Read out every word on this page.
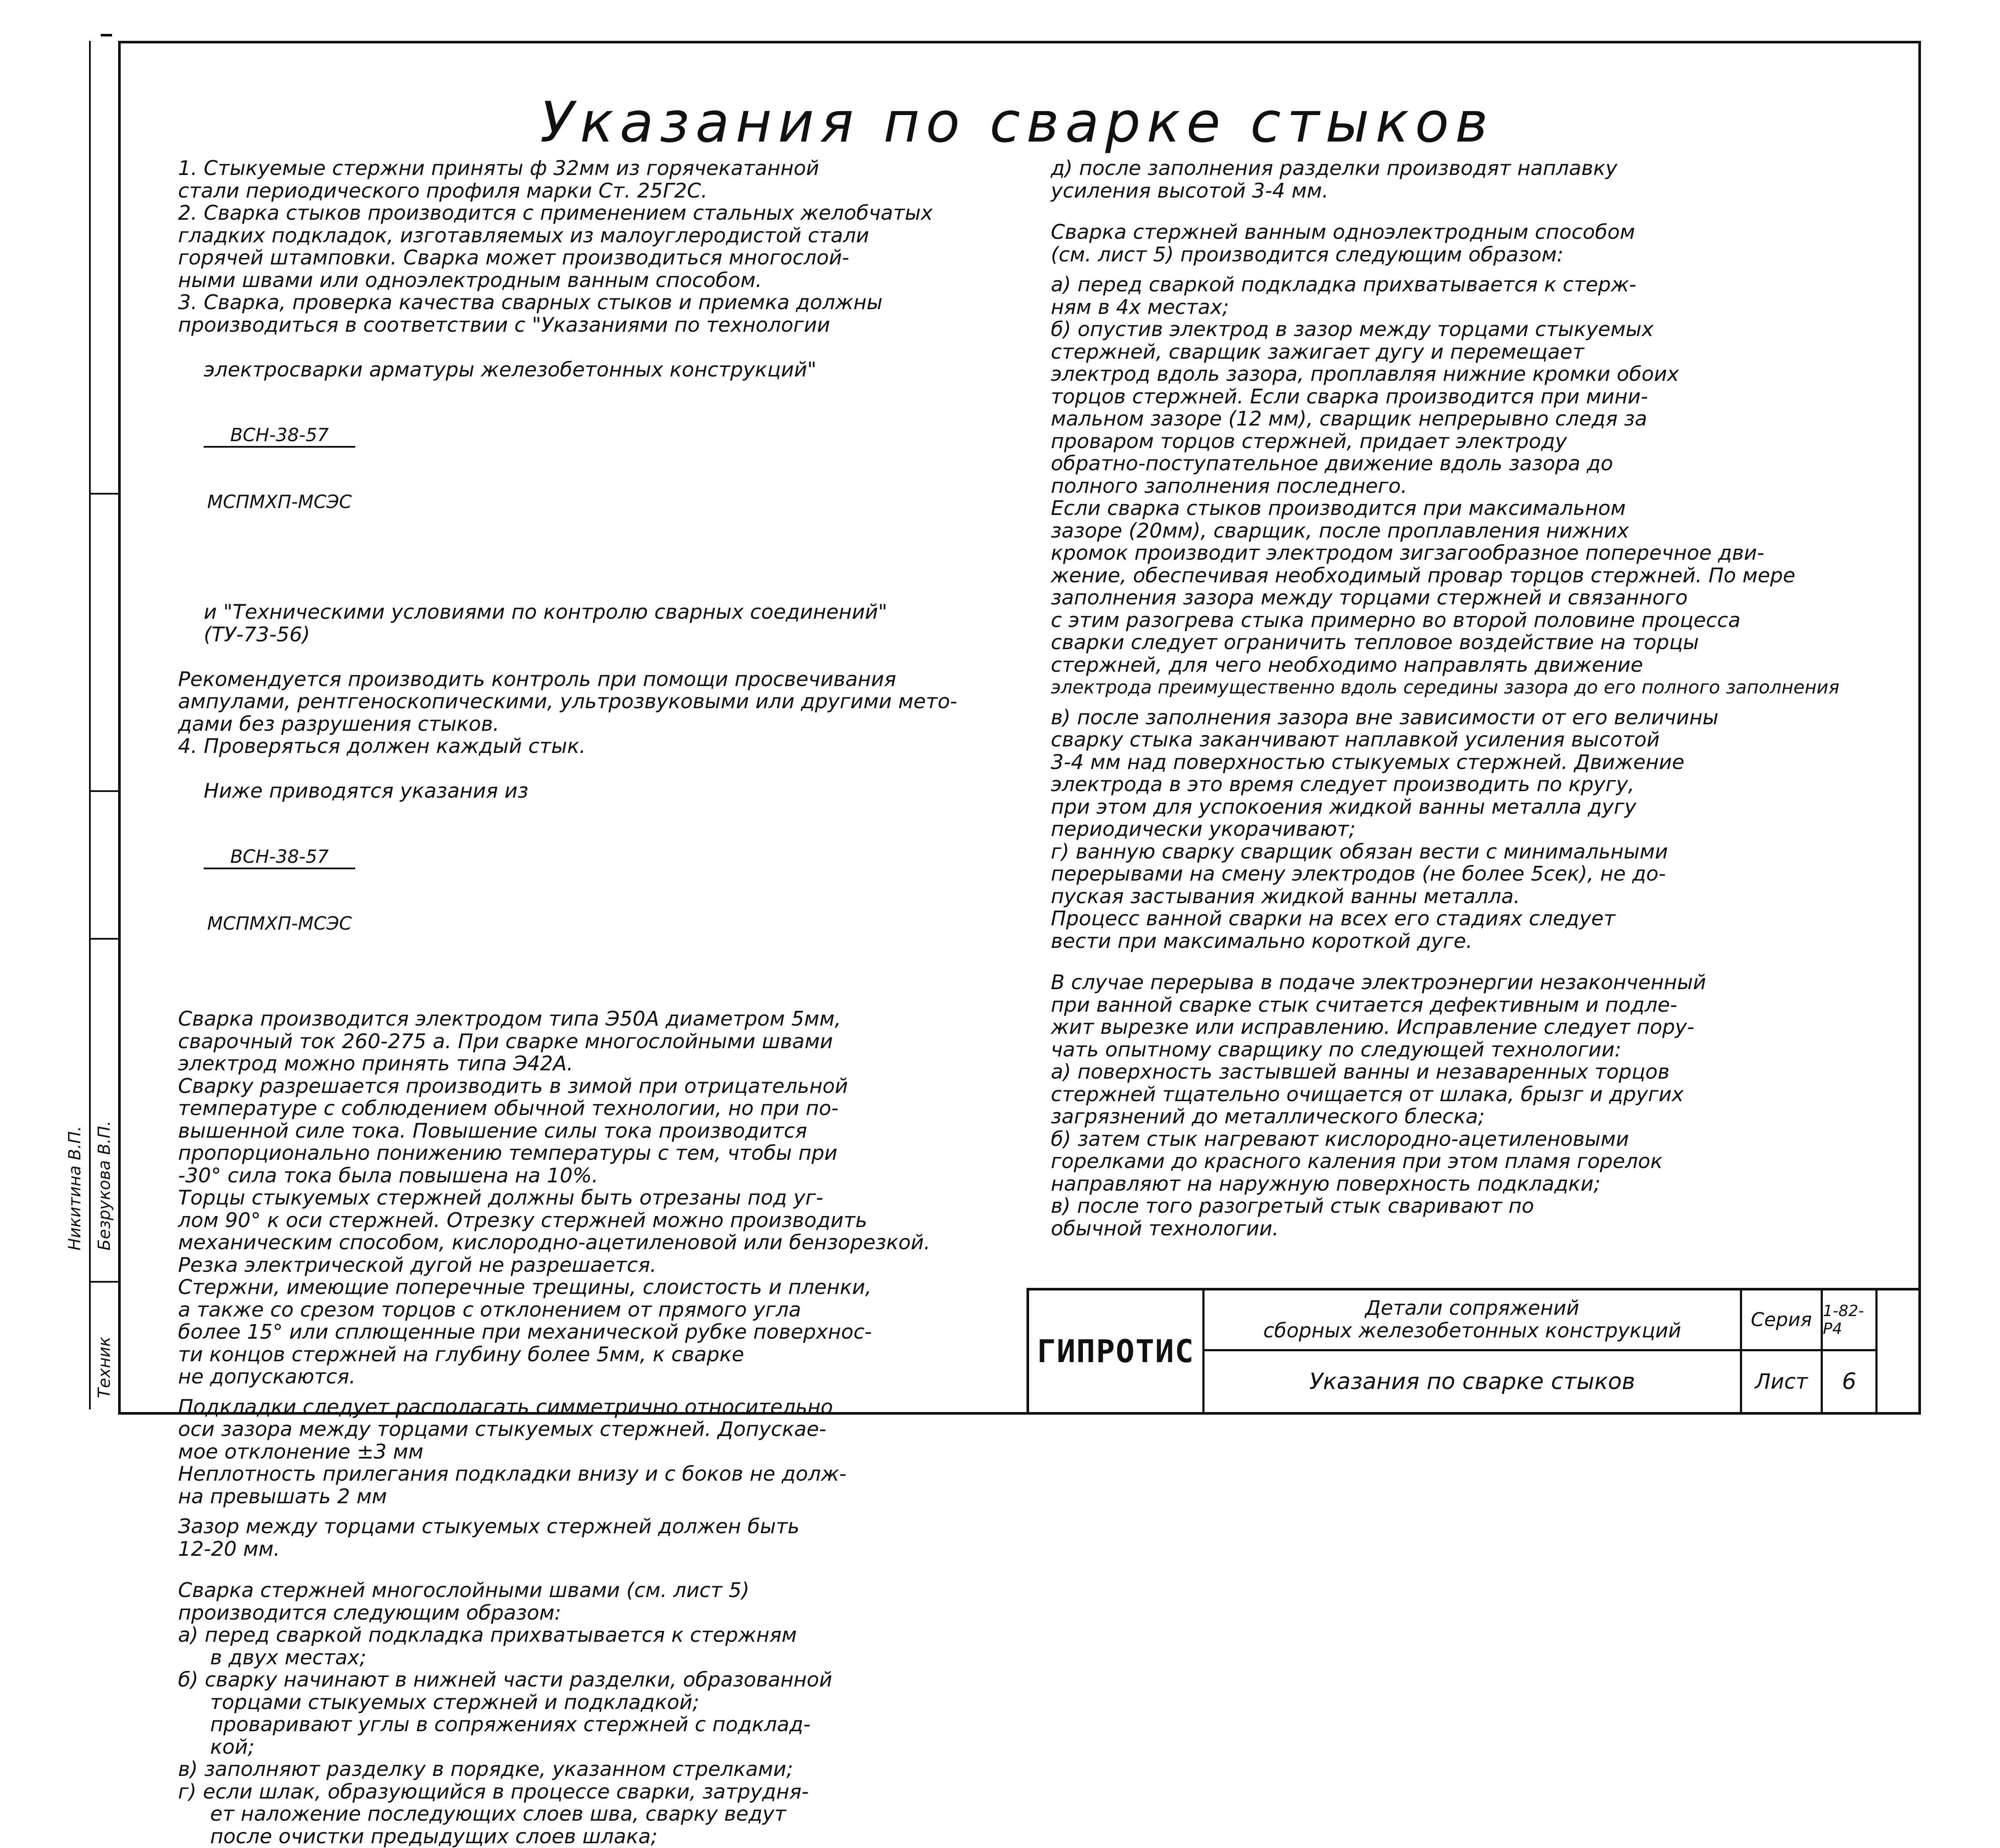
Техник
Безрукова В.П.
Никитина В.П.
Указания по сварке стыков

1. Стыкуемые стержни приняты ф 32мм из горячекатанной

стали периодического профиля марки Ст. 25Г2С.

2. Сварка стыков производится с применением стальных желобчатых

гладких подкладок, изготавляемых из малоуглеродистой стали

горячей штамповки. Сварка может производиться многослой-

ными швами или одноэлектродным ванным способом.

3. Сварка, проверка качества сварных стыков и приемка должны

производиться в соответствии с "Указаниями по технологии

электросварки арматуры железобетонных конструкций"

$\frac{\text{ВСН-38-57}}{\text{МСПМХП-МСЭС}}$

и "Техническими условиями по контролю сварных соединений"
(ТУ-73-56)

Рекомендуется производить контроль при помощи просвечивания

ампулами, рентгеноскопическими, ультрозвуковыми или другими мето-

дами без разрушения стыков.

4. Проверяться должен каждый стык.

Ниже приводятся указания из

$\frac{\text{ВСН-38-57}}{\text{МСПМХП-МСЭС}}$

Сварка производится электродом типа Э50А диаметром 5мм,

сварочный ток 260-275 а. При сварке многослойными швами

электрод можно принять типа Э42А.

Сварку разрешается производить в зимой при отрицательной

температуре с соблюдением обычной технологии, но при по-

вышенной силе тока. Повышение силы тока производится

пропорционально понижению температуры с тем, чтобы при

-30° сила тока была повышена на 10%.

Торцы стыкуемых стержней должны быть отрезаны под уг-

лом 90° к оси стержней. Отрезку стержней можно производить

механическим способом, кислородно-ацетиленовой или бензорезкой.

Резка электрической дугой не разрешается.

Стержни, имеющие поперечные трещины, слоистость и пленки,

а также со срезом торцов с отклонением от прямого угла

более 15° или сплющенные при механической рубке поверхнос-

ти концов стержней на глубину более 5мм, к сварке

не допускаются.

Подкладки следует располагать симметрично относительно

оси зазора между торцами стыкуемых стержней. Допускае-

мое отклонение ±3 мм

Неплотность прилегания подкладки внизу и с боков не долж-

на превышать 2 мм

Зазор между торцами стыкуемых стержней должен быть

12-20 мм.

Сварка стержней многослойными швами (см. лист 5)

производится следующим образом:

а) перед сваркой подкладка прихватывается к стержням

в двух местах;

б) сварку начинают в нижней части разделки, образованной

торцами стыкуемых стержней и подкладкой;

проваривают углы в сопряжениях стержней с подклад-

кой;

в) заполняют разделку в порядке, указанном стрелками;

г) если шлак, образующийся в процессе сварки, затрудня-

ет наложение последующих слоев шва, сварку ведут

после очистки предыдущих слоев шлака;

д) после заполнения разделки производят наплавку

усиления высотой 3-4 мм.

Сварка стержней ванным одноэлектродным способом

(см. лист 5) производится следующим образом:

а) перед сваркой подкладка прихватывается к стерж-

ням в 4х местах;

б) опустив электрод в зазор между торцами стыкуемых

стержней, сварщик зажигает дугу и перемещает

электрод вдоль зазора, проплавляя нижние кромки обоих

торцов стержней. Если сварка производится при мини-

мальном зазоре (12 мм), сварщик непрерывно следя за

проваром торцов стержней, придает электроду

обратно-поступательное движение вдоль зазора до

полного заполнения последнего.

Если сварка стыков производится при максимальном

зазоре (20мм), сварщик, после проплавления нижних

кромок производит электродом зигзагообразное поперечное дви-

жение, обеспечивая необходимый провар торцов стержней. По мере

заполнения зазора между торцами стержней и связанного

с этим разогрева стыка примерно во второй половине процесса

сварки следует ограничить тепловое воздействие на торцы

стержней, для чего необходимо направлять движение

электрода преимущественно вдоль середины зазора до его полного заполнения

в) после заполнения зазора вне зависимости от его величины

сварку стыка заканчивают наплавкой усиления высотой

3-4 мм над поверхностью стыкуемых стержней. Движение

электрода в это время следует производить по кругу,

при этом для успокоения жидкой ванны металла дугу

периодически укорачивают;

г) ванную сварку сварщик обязан вести с минимальными

перерывами на смену электродов (не более 5сек), не до-

пуская застывания жидкой ванны металла.

Процесс ванной сварки на всех его стадиях следует

вести при максимально короткой дуге.

В случае перерыва в подаче электроэнергии незаконченный

при ванной сварке стык считается дефективным и подле-

жит вырезке или исправлению. Исправление следует пору-

чать опытному сварщику по следующей технологии:

а) поверхность застывшей ванны и незаваренных торцов

стержней тщательно очищается от шлака, брызг и других

загрязнений до металлического блеска;

б) затем стык нагревают кислородно-ацетиленовыми

горелками до красного каления при этом пламя горелок

направляют на наружную поверхность подкладки;

в) после того разогретый стык сваривают по

обычной технологии.

ГИПРОТИС
Детали сопряжений
сборных железобетонных конструкций
Указания по сварке стыков
Серия 1-82-Р4
Лист	6
